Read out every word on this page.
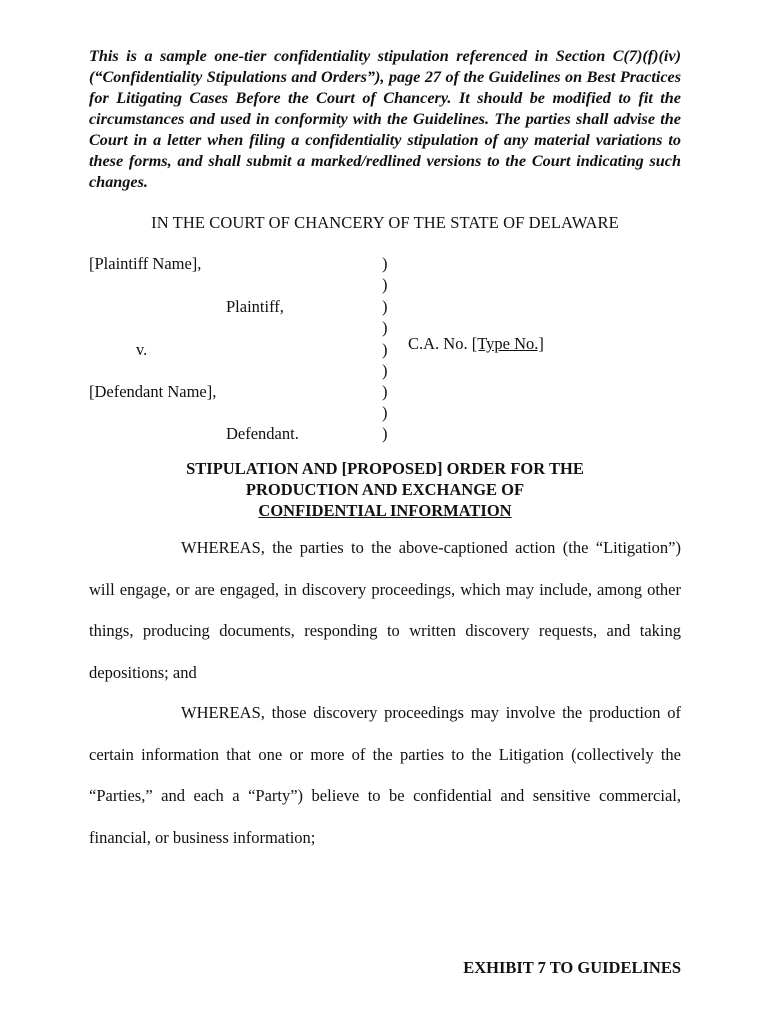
This is a sample one-tier confidentiality stipulation referenced in Section C(7)(f)(iv) (“Confidentiality Stipulations and Orders”), page 27 of the Guidelines on Best Practices for Litigating Cases Before the Court of Chancery. It should be modified to fit the circumstances and used in conformity with the Guidelines. The parties shall advise the Court in a letter when filing a confidentiality stipulation of any material variations to these forms, and shall submit a marked/redlined versions to the Court indicating such changes.

IN THE COURT OF CHANCERY OF THE STATE OF DELAWARE

[Plaintiff Name],
Plaintiff,
v.
[Defendant Name],
Defendant.
)
)
)
)
)
)
)
)
)
C.A. No. [Type No.]
STIPULATION AND [PROPOSED] ORDER FOR THE
PRODUCTION AND EXCHANGE OF
CONFIDENTIAL INFORMATION

WHEREAS, the parties to the above-captioned action (the “Litigation”) will engage, or are engaged, in discovery proceedings, which may include, among other things, producing documents, responding to written discovery requests, and taking depositions; and

WHEREAS, those discovery proceedings may involve the production of certain information that one or more of the parties to the Litigation (collectively the “Parties,” and each a “Party”) believe to be confidential and sensitive commercial, financial, or business information;

EXHIBIT 7 TO GUIDELINES
